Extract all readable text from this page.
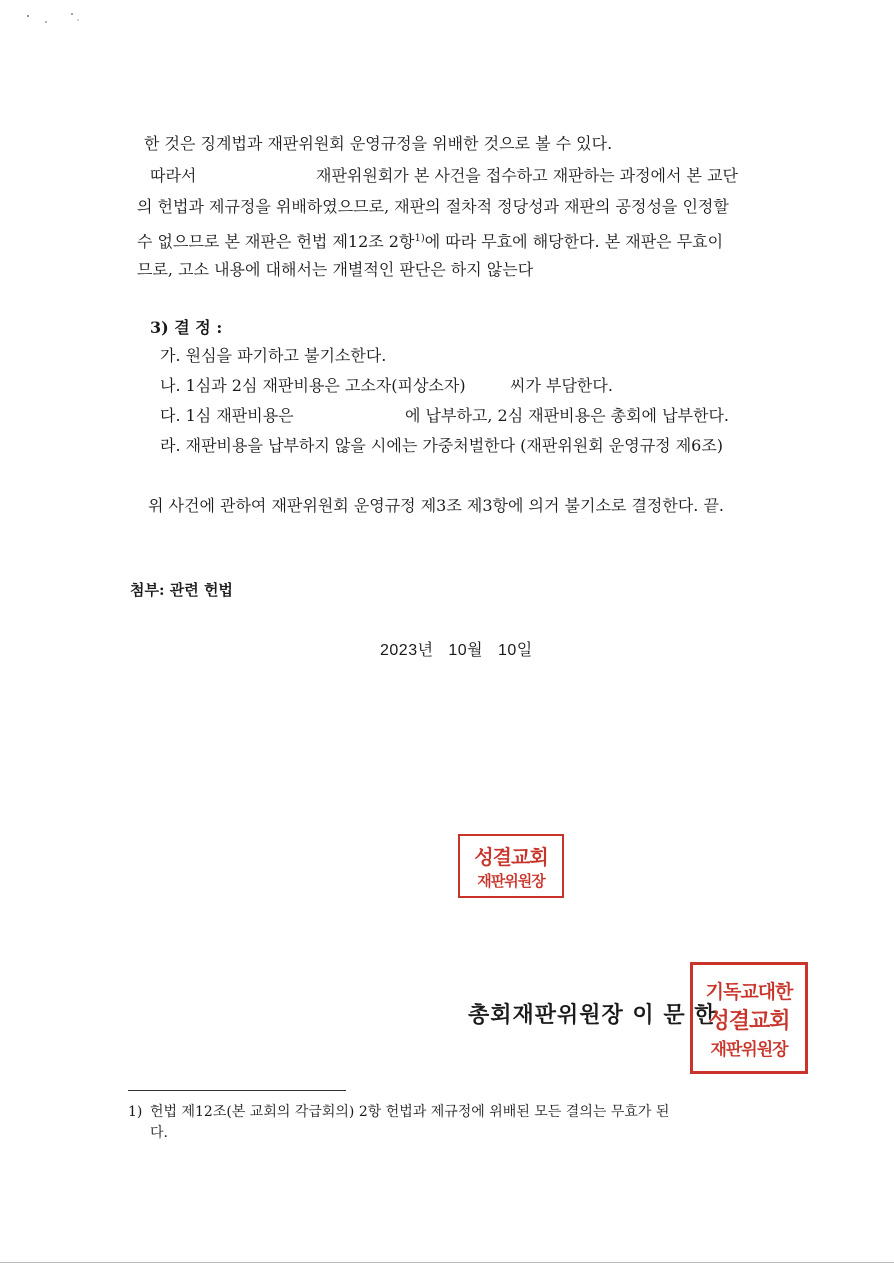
한 것은 징계법과 재판위원회 운영규정을 위배한 것으로 볼 수 있다.
따라서	재판위원회가 본 사건을 접수하고 재판하는 과정에서 본 교단
의 헌법과 제규정을 위배하였으므로, 재판의 절차적 정당성과 재판의 공정성을 인정할
수 없으므로 본 재판은 헌법 제12조 2항$^{1)}$에 따라 무효에 해당한다. 본 재판은 무효이
므로, 고소 내용에 대해서는 개별적인 판단은 하지 않는다
3) 결 정 :
가. 원심을 파기하고 불기소한다.
나. 1심과 2심 재판비용은 고소자(피상소자)	씨가 부담한다.
다. 1심 재판비용은	에 납부하고, 2심 재판비용은 총회에 납부한다.
라. 재판비용을 납부하지 않을 시에는 가중처벌한다 (재판위원회 운영규정 제6조)
위 사건에 관하여 재판위원회 운영규정 제3조 제3항에 의거 불기소로 결정한다. 끝.
첨부: 관련 헌법
2023년   10월   10일
성결교회
재판위원장
총회재판위원장 이 문 한
기독교대한
성결교회
재판위원장
1) 헌법 제12조(본 교회의 각급회의) 2항 헌법과 제규정에 위배된 모든 결의는 무효가 된
다.
